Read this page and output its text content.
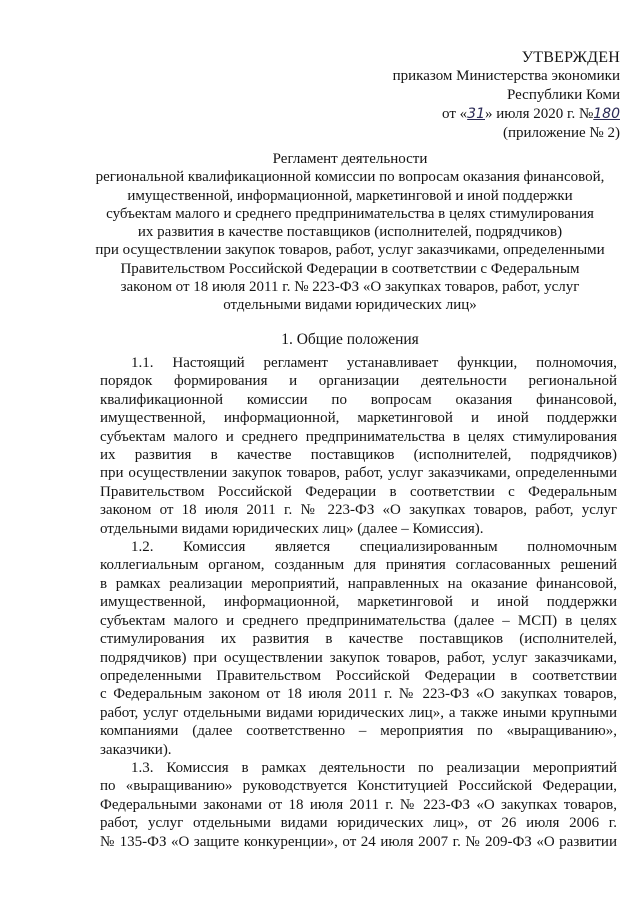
УТВЕРЖДЕН
приказом Министерства экономики
Республики Коми
от «31» июля 2020 г. №180
(приложение № 2)
Регламент деятельности
региональной квалификационной комиссии по вопросам оказания финансовой,
имущественной, информационной, маркетинговой и иной поддержки
субъектам малого и среднего предпринимательства в целях стимулирования
их развития в качестве поставщиков (исполнителей, подрядчиков)
при осуществлении закупок товаров, работ, услуг заказчиками, определенными
Правительством Российской Федерации в соответствии с Федеральным
законом от 18 июля 2011 г. № 223-ФЗ «О закупках товаров, работ, услуг
отдельными видами юридических лиц»
1. Общие положения
1.1. Настоящий регламент устанавливает функции, полномочия,
порядок формирования и организации деятельности региональной
квалификационной комиссии по вопросам оказания финансовой,
имущественной, информационной, маркетинговой и иной поддержки
субъектам малого и среднего предпринимательства в целях стимулирования
их развития в качестве поставщиков (исполнителей, подрядчиков)
при осуществлении закупок товаров, работ, услуг заказчиками, определенными
Правительством Российской Федерации в соответствии с Федеральным
законом от 18 июля 2011 г. № 223-ФЗ «О закупках товаров, работ, услуг
отдельными видами юридических лиц» (далее – Комиссия).
1.2. Комиссия является специализированным полномочным
коллегиальным органом, созданным для принятия согласованных решений
в рамках реализации мероприятий, направленных на оказание финансовой,
имущественной, информационной, маркетинговой и иной поддержки
субъектам малого и среднего предпринимательства (далее – МСП) в целях
стимулирования их развития в качестве поставщиков (исполнителей,
подрядчиков) при осуществлении закупок товаров, работ, услуг заказчиками,
определенными Правительством Российской Федерации в соответствии
с Федеральным законом от 18 июля 2011 г. № 223-ФЗ «О закупках товаров,
работ, услуг отдельными видами юридических лиц», а также иными крупными
компаниями (далее соответственно – мероприятия по «выращиванию»,
заказчики).
1.3. Комиссия в рамках деятельности по реализации мероприятий
по «выращиванию» руководствуется Конституцией Российской Федерации,
Федеральными законами от 18 июля 2011 г. № 223-ФЗ «О закупках товаров,
работ, услуг отдельными видами юридических лиц», от 26 июля 2006 г.
№ 135-ФЗ «О защите конкуренции», от 24 июля 2007 г. № 209-ФЗ «О развитии
